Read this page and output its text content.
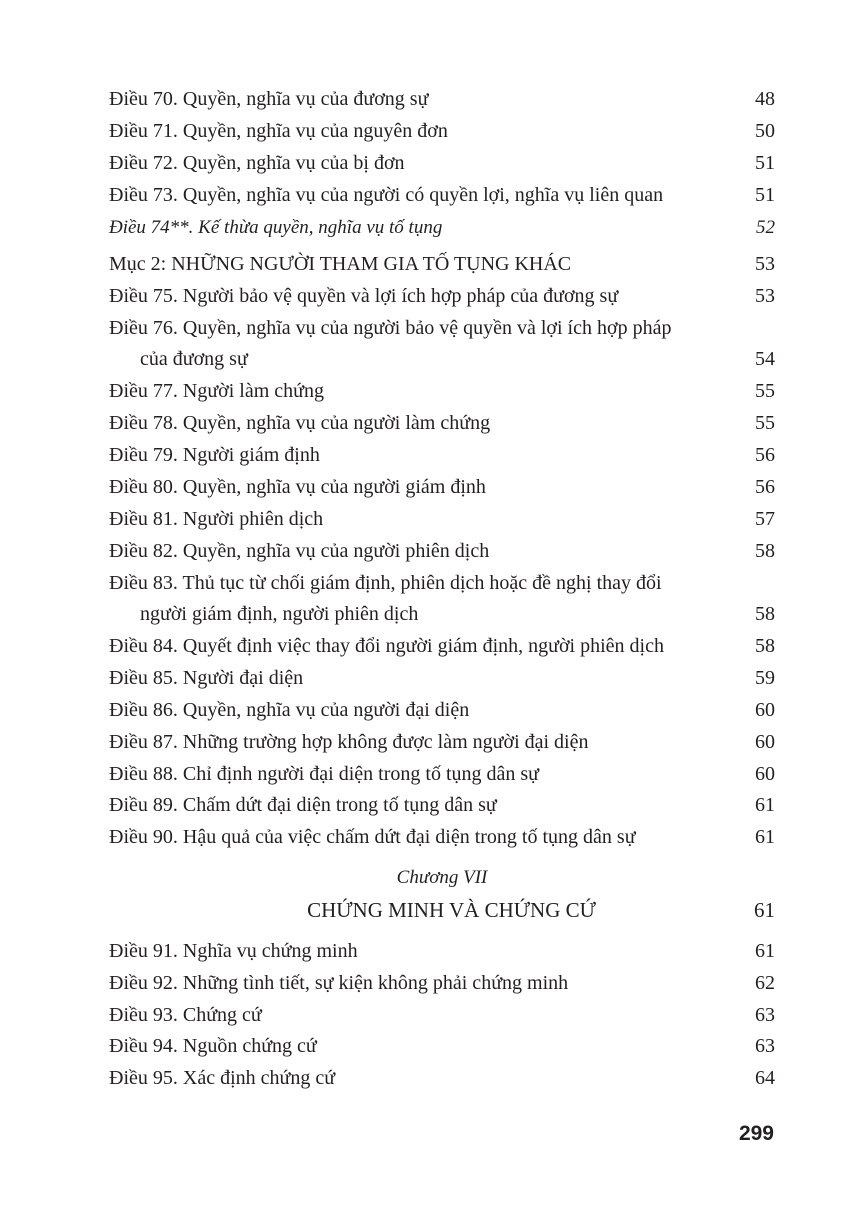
Điều 70. Quyền, nghĩa vụ của đương sự	48
Điều 71. Quyền, nghĩa vụ của nguyên đơn	50
Điều 72. Quyền, nghĩa vụ của bị đơn	51
Điều 73. Quyền, nghĩa vụ của người có quyền lợi, nghĩa vụ liên quan	51
Điều 74**. Kế thừa quyền, nghĩa vụ tố tụng	52
Mục 2: NHỮNG NGƯỜI THAM GIA TỐ TỤNG KHÁC	53
Điều 75. Người bảo vệ quyền và lợi ích hợp pháp của đương sự	53
Điều 76. Quyền, nghĩa vụ của người bảo vệ quyền và lợi ích hợp pháp
của đương sự	54
Điều 77. Người làm chứng	55
Điều 78. Quyền, nghĩa vụ của người làm chứng	55
Điều 79. Người giám định	56
Điều 80. Quyền, nghĩa vụ của người giám định	56
Điều 81. Người phiên dịch	57
Điều 82. Quyền, nghĩa vụ của người phiên dịch	58
Điều 83. Thủ tục từ chối giám định, phiên dịch hoặc đề nghị thay đổi
người giám định, người phiên dịch	58
Điều 84. Quyết định việc thay đổi người giám định, người phiên dịch	58
Điều 85. Người đại diện	59
Điều 86. Quyền, nghĩa vụ của người đại diện	60
Điều 87. Những trường hợp không được làm người đại diện	60
Điều 88. Chỉ định người đại diện trong tố tụng dân sự	60
Điều 89. Chấm dứt đại diện trong tố tụng dân sự	61
Điều 90. Hậu quả của việc chấm dứt đại diện trong tố tụng dân sự	61
Chương VII
CHỨNG MINH VÀ CHỨNG CỨ	61
Điều 91. Nghĩa vụ chứng minh	61
Điều 92. Những tình tiết, sự kiện không phải chứng minh	62
Điều 93. Chứng cứ	63
Điều 94. Nguồn chứng cứ	63
Điều 95. Xác định chứng cứ	64
299
